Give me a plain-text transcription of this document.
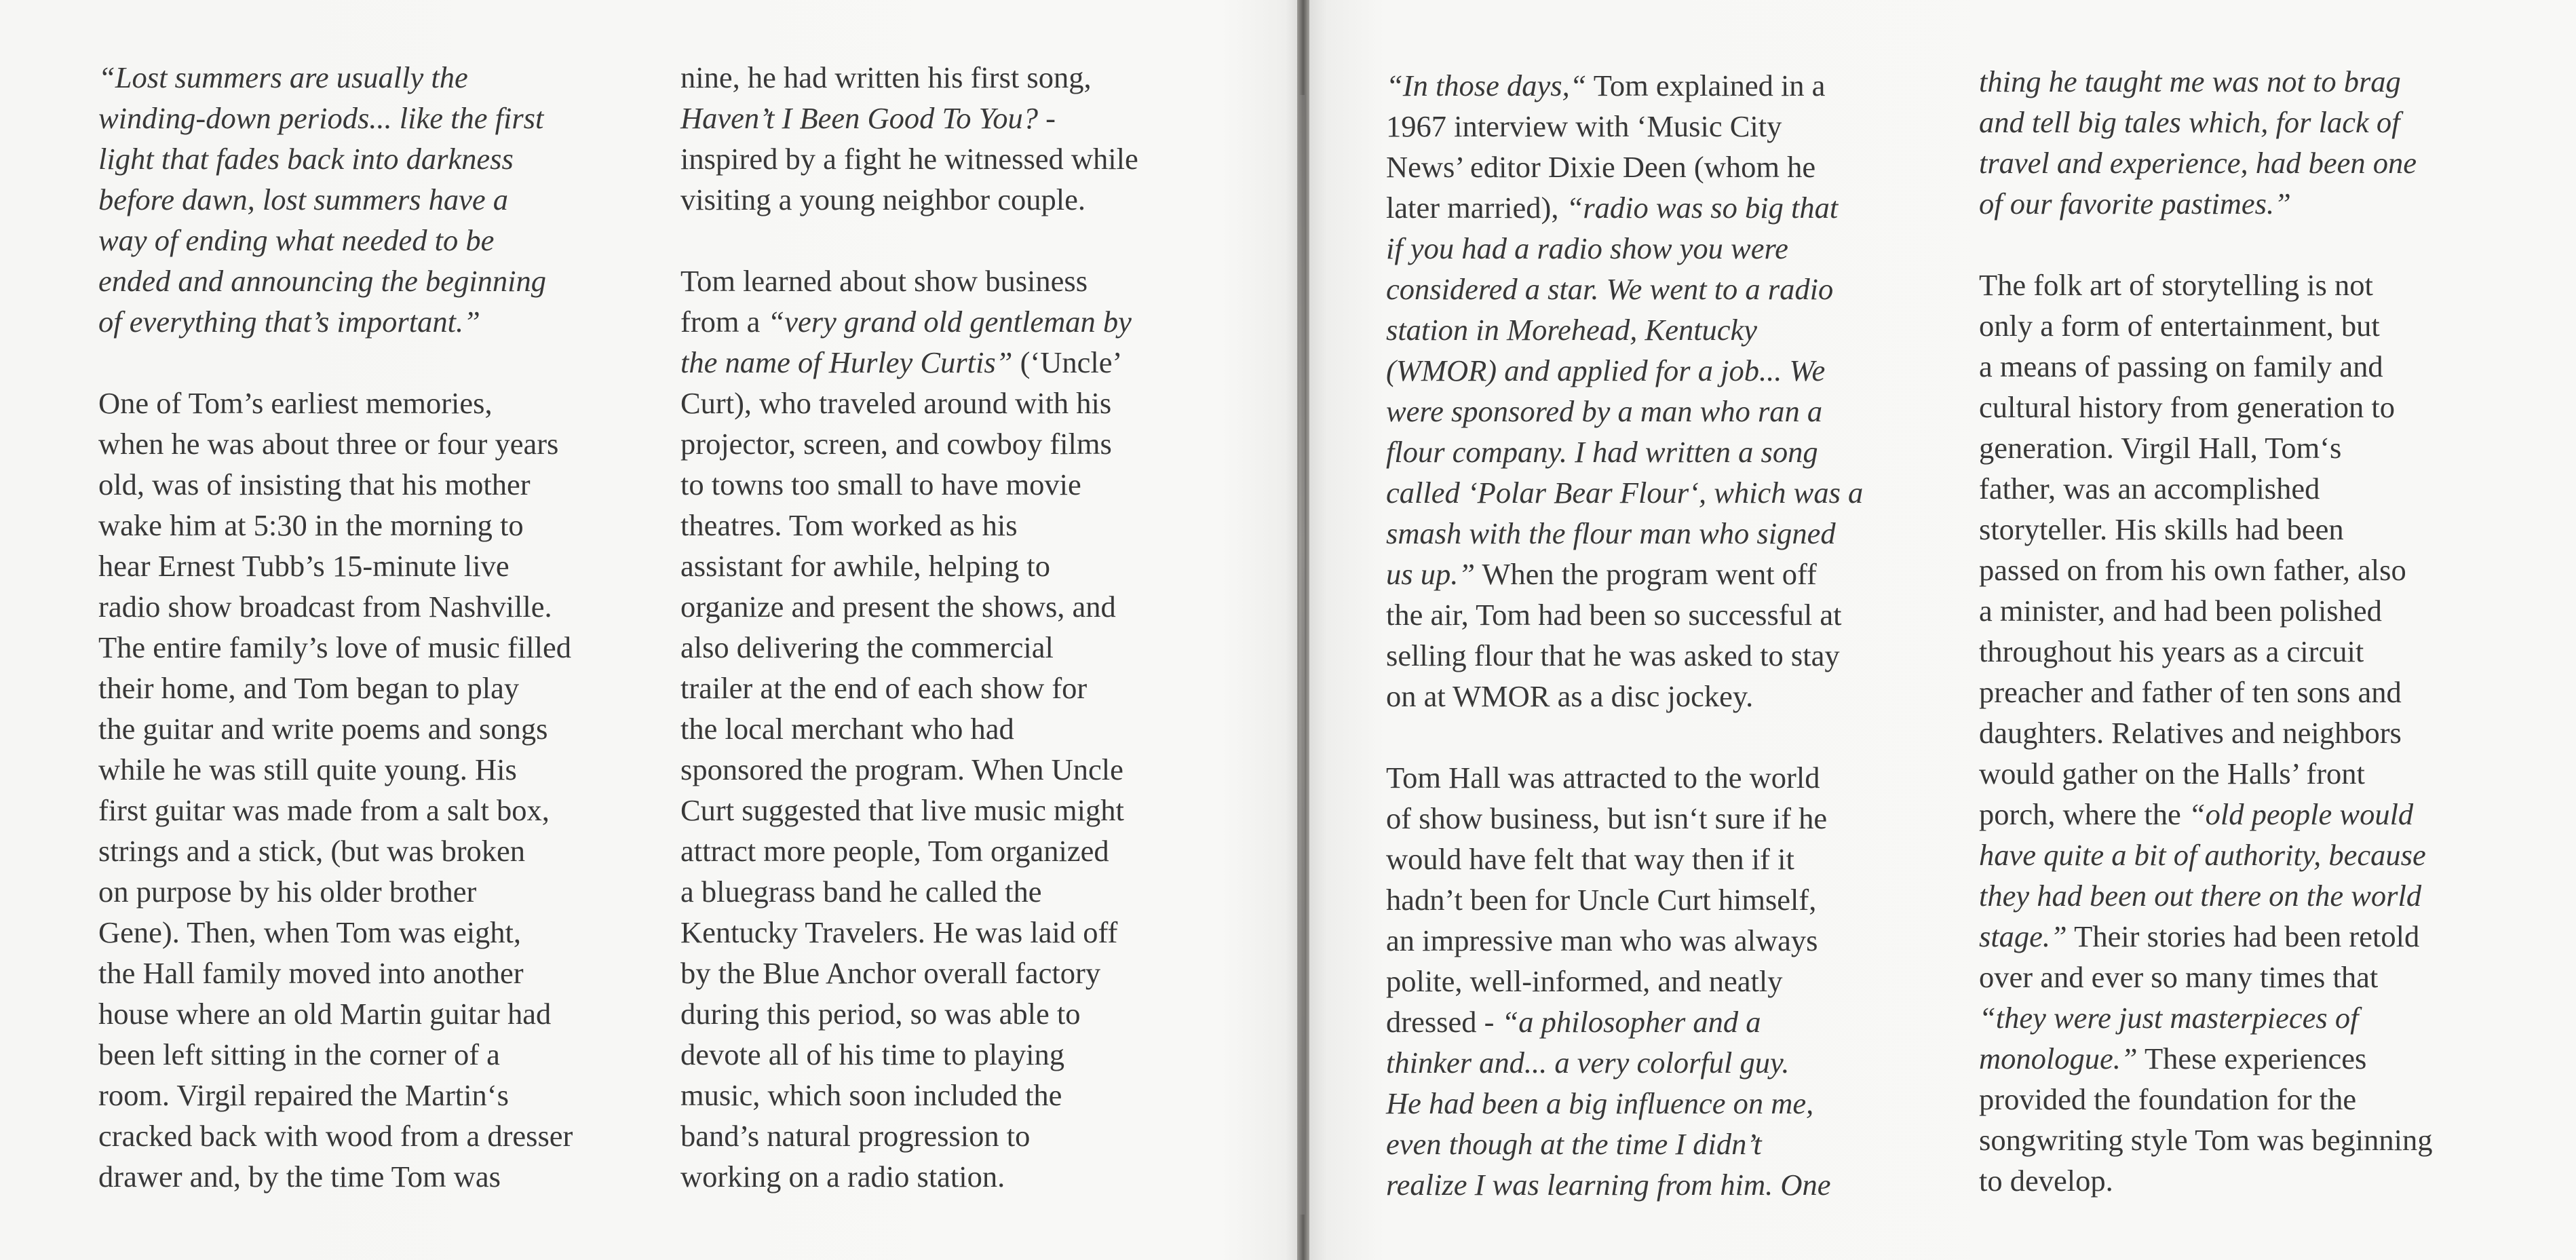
“Lost summers are usually the
winding-down periods... like the first
light that fades back into darkness
before dawn, lost summers have a
way of ending what needed to be
ended and announcing the beginning
of everything that’s important.”
One of Tom’s earliest memories,
when he was about three or four years
old, was of insisting that his mother
wake him at 5:30 in the morning to
hear Ernest Tubb’s 15-minute live
radio show broadcast from Nashville.
The entire family’s love of music filled
their home, and Tom began to play
the guitar and write poems and songs
while he was still quite young. His
first guitar was made from a salt box,
strings and a stick, (but was broken
on purpose by his older brother
Gene). Then, when Tom was eight,
the Hall family moved into another
house where an old Martin guitar had
been left sitting in the corner of a
room. Virgil repaired the Martin‘s
cracked back with wood from a dresser
drawer and, by the time Tom was
nine, he had written his first song,
Haven’t I Been Good To You? -
inspired by a fight he witnessed while
visiting a young neighbor couple.
Tom learned about show business
from a “very grand old gentleman by
the name of Hurley Curtis” (‘Uncle’
Curt), who traveled around with his
projector, screen, and cowboy films
to towns too small to have movie
theatres. Tom worked as his
assistant for awhile, helping to
organize and present the shows, and
also delivering the commercial
trailer at the end of each show for
the local merchant who had
sponsored the program. When Uncle
Curt suggested that live music might
attract more people, Tom organized
a bluegrass band he called the
Kentucky Travelers. He was laid off
by the Blue Anchor overall factory
during this period, so was able to
devote all of his time to playing
music, which soon included the
band’s natural progression to
working on a radio station.
“In those days,“ Tom explained in a
1967 interview with ‘Music City
News’ editor Dixie Deen (whom he
later married), “radio was so big that
if you had a radio show you were
considered a star. We went to a radio
station in Morehead, Kentucky
(WMOR) and applied for a job... We
were sponsored by a man who ran a
flour company. I had written a song
called ‘Polar Bear Flour‘, which was a
smash with the flour man who signed
us up.” When the program went off
the air, Tom had been so successful at
selling flour that he was asked to stay
on at WMOR as a disc jockey.
Tom Hall was attracted to the world
of show business, but isn‘t sure if he
would have felt that way then if it
hadn’t been for Uncle Curt himself,
an impressive man who was always
polite, well-informed, and neatly
dressed - “a philosopher and a
thinker and... a very colorful guy.
He had been a big influence on me,
even though at the time I didn’t
realize I was learning from him. One
thing he taught me was not to brag
and tell big tales which, for lack of
travel and experience, had been one
of our favorite pastimes.”
The folk art of storytelling is not
only a form of entertainment, but
a means of passing on family and
cultural history from generation to
generation. Virgil Hall, Tom‘s
father, was an accomplished
storyteller. His skills had been
passed on from his own father, also
a minister, and had been polished
throughout his years as a circuit
preacher and father of ten sons and
daughters. Relatives and neighbors
would gather on the Halls’ front
porch, where the “old people would
have quite a bit of authority, because
they had been out there on the world
stage.” Their stories had been retold
over and ever so many times that
“they were just masterpieces of
monologue.” These experiences
provided the foundation for the
songwriting style Tom was beginning
to develop.
